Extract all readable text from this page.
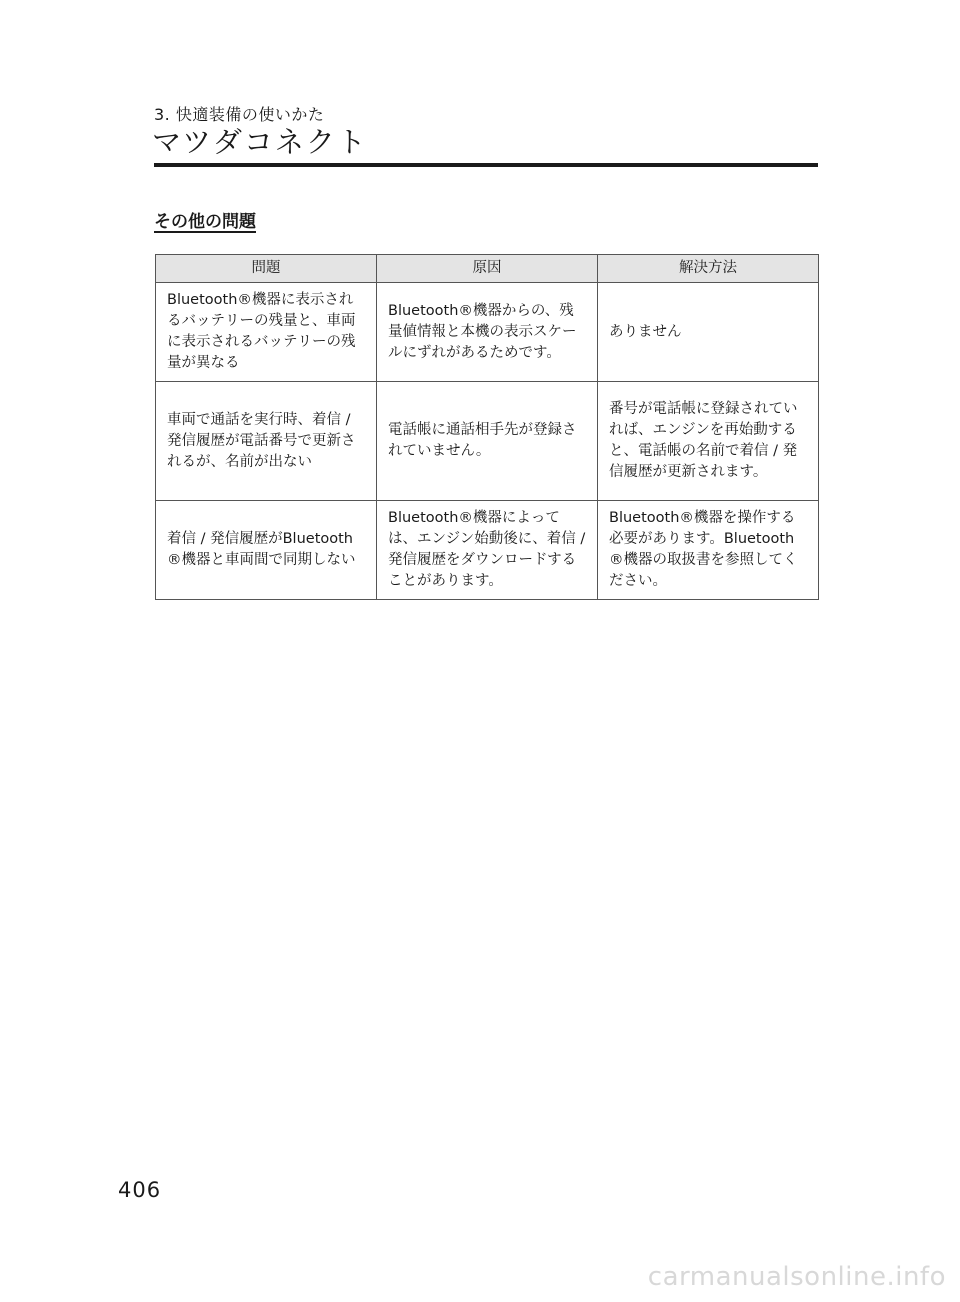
3. 快適装備の使いかた
マツダコネクト
その他の問題
問題	原因	解決方法
Bluetooth®機器に表示されるバッテリーの残量と、車両に表示されるバッテリーの残量が異なる	Bluetooth®機器からの、残量値情報と本機の表示スケールにずれがあるためです。	ありません
車両で通話を実行時、着信 / 発信履歴が電話番号で更新されるが、名前が出ない	電話帳に通話相手先が登録されていません。	番号が電話帳に登録されていれば、エンジンを再始動すると、電話帳の名前で着信 / 発信履歴が更新されます。
着信 / 発信履歴がBluetooth®機器と車両間で同期しない	Bluetooth®機器によっては、エンジン始動後に、着信 / 発信履歴をダウンロードすることがあります。	Bluetooth®機器を操作する必要があります。Bluetooth®機器の取扱書を参照してください。
406
carmanualsonline.info
